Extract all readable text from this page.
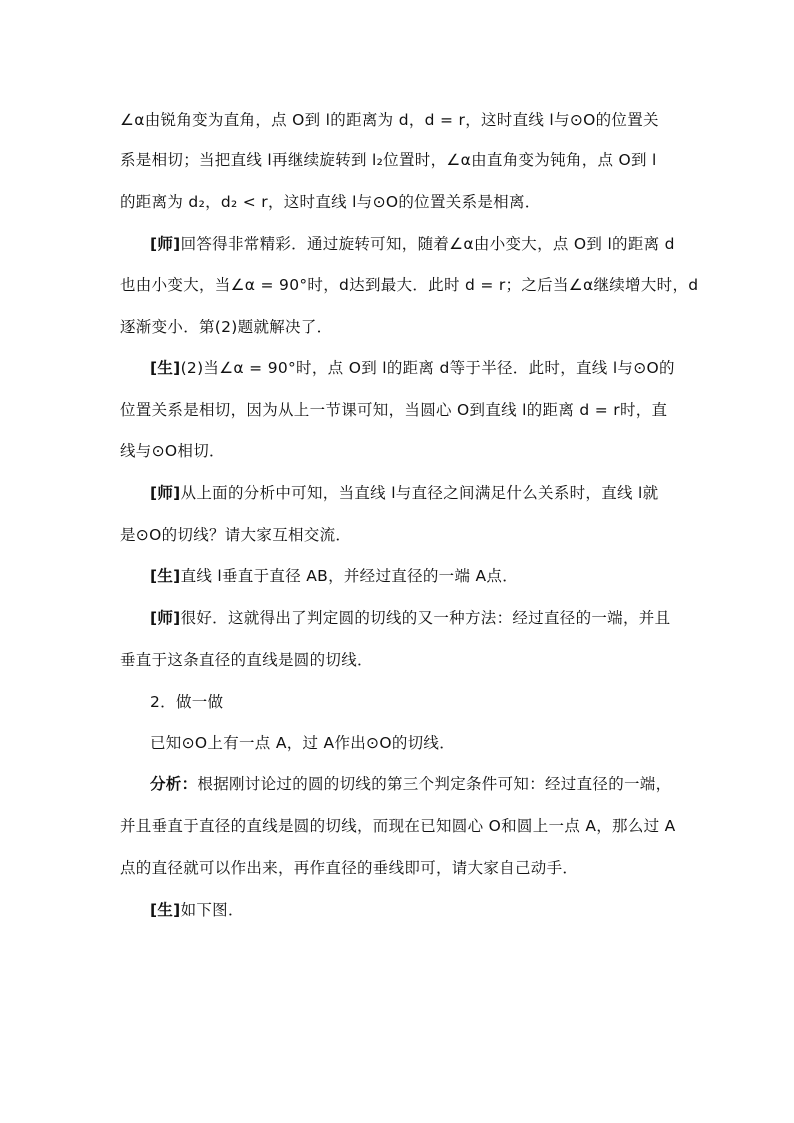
∠α由锐角变为直角，点 O到 l的距离为 d，d = r，这时直线 l与⊙O的位置关
系是相切；当把直线 l再继续旋转到 l₂位置时，∠α由直角变为钝角，点 O到 l
的距离为 d₂，d₂ < r，这时直线 l与⊙O的位置关系是相离．
[师]回答得非常精彩．通过旋转可知，随着∠α由小变大，点 O到 l的距离 d
也由小变大，当∠α = 90°时，d达到最大．此时 d = r；之后当∠α继续增大时，d
逐渐变小．第(2)题就解决了．
[生](2)当∠α = 90°时，点 O到 l的距离 d等于半径．此时，直线 l与⊙O的
位置关系是相切，因为从上一节课可知，当圆心 O到直线 l的距离 d = r时，直
线与⊙O相切．
[师]从上面的分析中可知，当直线 l与直径之间满足什么关系时，直线 l就
是⊙O的切线？请大家互相交流．
[生]直线 l垂直于直径 AB，并经过直径的一端 A点．
[师]很好．这就得出了判定圆的切线的又一种方法：经过直径的一端，并且
垂直于这条直径的直线是圆的切线．
2．做一做
已知⊙O上有一点 A，过 A作出⊙O的切线．
分析：根据刚讨论过的圆的切线的第三个判定条件可知：经过直径的一端，
并且垂直于直径的直线是圆的切线，而现在已知圆心 O和圆上一点 A，那么过 A
点的直径就可以作出来，再作直径的垂线即可，请大家自己动手．
[生]如下图．
